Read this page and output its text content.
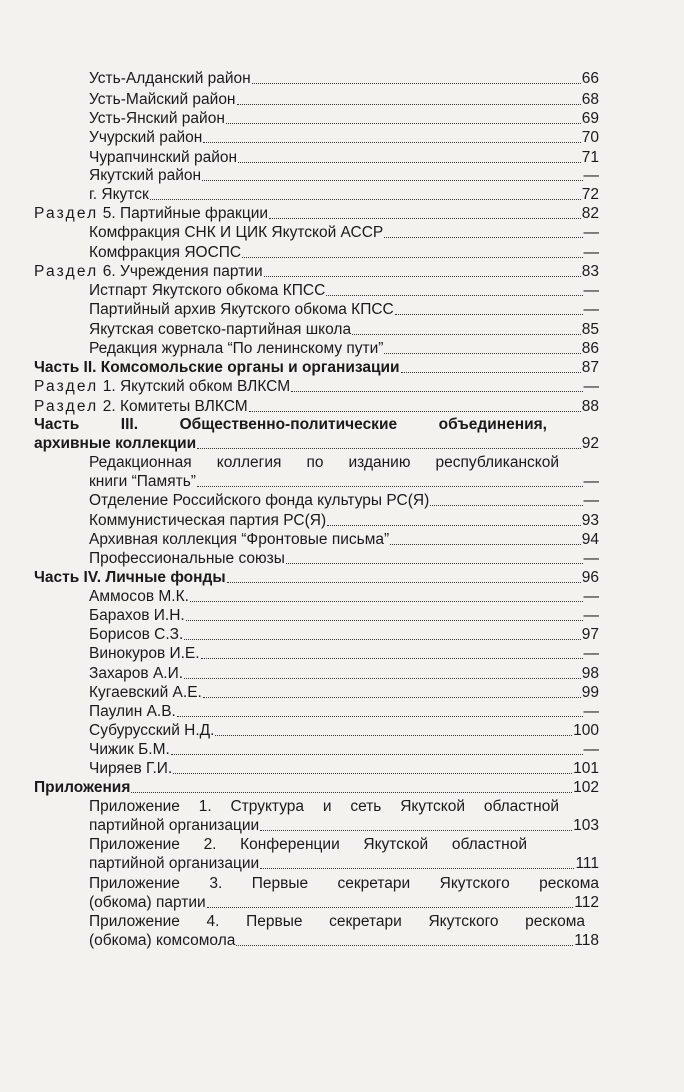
Усть-Алданский район	66
Усть-Майский район	68
Усть-Янский район	69
Учурский район	70
Чурапчинский район	71
Якутский район	—
г. Якутск	72
Раздел 5. Партийные фракции	82
Комфракция СНК И ЦИК Якутской АССР	—
Комфракция ЯОСПС	—
Раздел 6. Учреждения партии	83
Истпарт Якутского обкома КПСС	—
Партийный архив Якутского обкома КПСС	—
Якутская советско-партийная школа	85
Редакция журнала “По ленинскому пути”	86
Часть II. Комсомольские органы и организации	87
Раздел 1. Якутский обком ВЛКСМ	—
Раздел 2. Комитеты ВЛКСМ	88
Часть III. Общественно-политические объединения,
архивные коллекции	92
Редакционная коллегия по изданию республиканской
книги “Память”	—
Отделение Российского фонда культуры РС(Я)	—
Коммунистическая партия РС(Я)	93
Архивная коллекция “Фронтовые письма”	94
Профессиональные союзы	—
Часть IV. Личные фонды	96
Аммосов М.К.	—
Барахов И.Н.	—
Борисов С.З.	97
Винокуров И.Е.	—
Захаров А.И.	98
Кугаевский А.Е.	99
Паулин А.В.	—
Субурусский Н.Д.	100
Чижик Б.М.	—
Чиряев Г.И.	101
Приложения	102
Приложение 1. Структура и сеть Якутской областной
партийной организации	103
Приложение 2. Конференции Якутской областной
партийной организации	111
Приложение 3. Первые секретари Якутского рескома
(обкома) партии	112
Приложение 4. Первые секретари Якутского рескома
(обкома) комсомола	118
